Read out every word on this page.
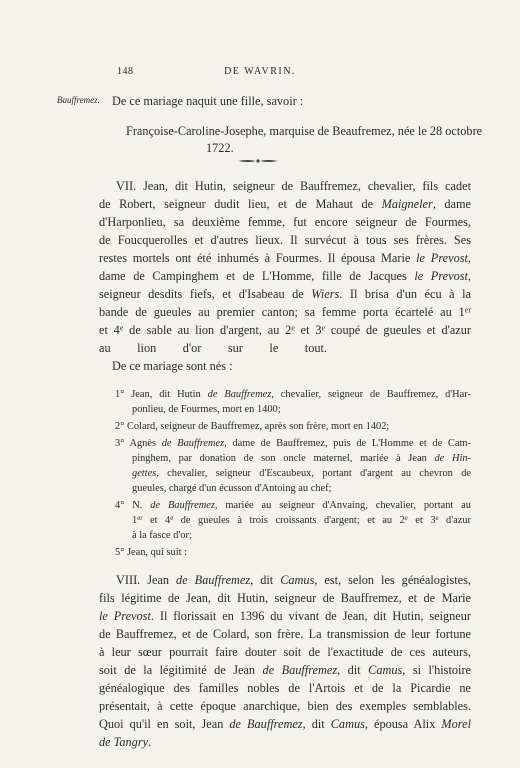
148	DE WAVRIN.
Bauffremez. De ce mariage naquit une fille, savoir :
Françoise-Caroline-Josephe, marquise de Beaufremez, née le 28 octobre
1722.
VII. Jean, dit Hutin, seigneur de Bauffremez, chevalier, fils cadet
de Robert, seigneur dudit lieu, et de Mahaut de Maigneler, dame
d'Harponlieu, sa deuxième femme, fut encore seigneur de Fourmes,
de Foucquerolles et d'autres lieux. Il survécut à tous ses frères. Ses
restes mortels ont été inhumés à Fourmes. Il épousa Marie le Prevost,
dame de Campinghem et de L'Homme, fille de Jacques le Prevost,
seigneur desdits fiefs, et d'Isabeau de Wiers. Il brisa d'un écu à la
bande de gueules au premier canton; sa femme porta écartelé au 1er
et 4e de sable au lion d'argent, au 2e et 3e coupé de gueules et d'azur
au lion d'or sur le tout.
De ce mariage sont nés :
1° Jean, dit Hutin de Bauffremez, chevalier, seigneur de Bauffremez, d'Har-
ponlieu, de Fourmes, mort en 1400;
2° Colard, seigneur de Bauffremez, après son frère, mort en 1402;
3° Agnès de Bauffremez, dame de Bauffremez, puis de L'Homme et de Cam-
pinghem, par donation de son oncle maternel, mariée à Jean de Hin-
gettes, chevalier, seigneur d'Escaubeux, portant d'argent au chevron de
gueules, chargé d'un écusson d'Antoing au chef;
4° N. de Bauffremez, mariée au seigneur d'Anvaing, chevalier, portant au
1er et 4e de gueules à trois croissants d'argent; et au 2e et 3e d'azur
à la fasce d'or;
5° Jean, qui suit :
VIII. Jean de Bauffremez, dit Camus, est, selon les généalogistes,
fils légitime de Jean, dit Hutin, seigneur de Bauffremez, et de Marie
le Prevost. Il florissait en 1396 du vivant de Jean, dit Hutin, seigneur
de Bauffremez, et de Colard, son frère. La transmission de leur fortune
à leur sœur pourrait faire douter soit de l'exactitude de ces auteurs,
soit de la légitimité de Jean de Bauffremez, dit Camus, si l'histoire
généalogique des familles nobles de l'Artois et de la Picardie ne
présentait, à cette époque anarchique, bien des exemples semblables.
Quoi qu'il en soit, Jean de Bauffremez, dit Camus, épousa Alix Morel
de Tangry.
